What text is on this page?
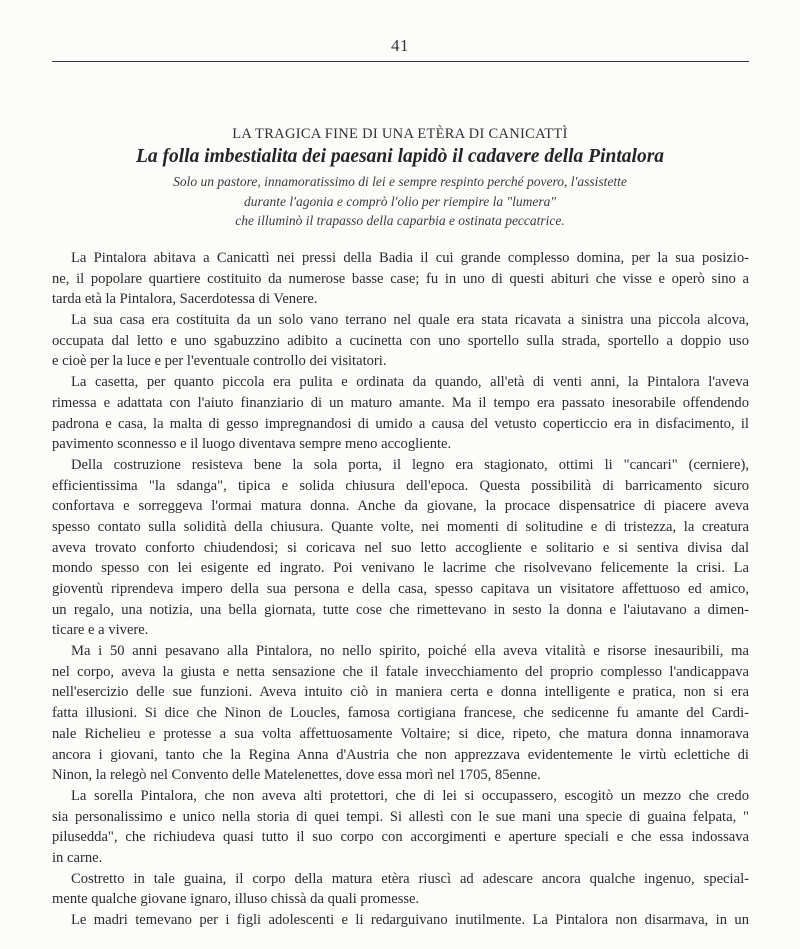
41
LA TRAGICA FINE DI UNA ETÈRA DI CANICATTÌ
La folla imbestialita dei paesani lapidò il cadavere della Pintalora
Solo un pastore, innamoratissimo di lei e sempre respinto perché povero, l'assistette
durante l'agonia e comprò l'olio per riempire la "lumera"
che illuminò il trapasso della caparbia e ostinata peccatrice.
La Pintalora abitava a Canicattì nei pressi della Badia il cui grande complesso domina, per la sua posizio-
ne, il popolare quartiere costituito da numerose basse case; fu in uno di questi abituri che visse e operò sino a
tarda età la Pintalora, Sacerdotessa di Venere.
La sua casa era costituita da un solo vano terrano nel quale era stata ricavata a sinistra una piccola alcova,
occupata dal letto e uno sgabuzzino adibito a cucinetta con uno sportello sulla strada, sportello a doppio uso
e cioè per la luce e per l'eventuale controllo dei visitatori.
La casetta, per quanto piccola era pulita e ordinata da quando, all'età di venti anni, la Pintalora l'aveva
rimessa e adattata con l'aiuto finanziario di un maturo amante. Ma il tempo era passato inesorabile offendendo
padrona e casa, la malta di gesso impregnandosi di umido a causa del vetusto coperticcio era in disfacimento, il
pavimento sconnesso e il luogo diventava sempre meno accogliente.
Della costruzione resisteva bene la sola porta, il legno era stagionato, ottimi li "cancari" (cerniere),
efficientissima "la sdanga", tipica e solida chiusura dell'epoca. Questa possibilità di barricamento sicuro
confortava e sorreggeva l'ormai matura donna. Anche da giovane, la procace dispensatrice di piacere aveva
spesso contato sulla solidità della chiusura. Quante volte, nei momenti di solitudine e di tristezza, la creatura
aveva trovato conforto chiudendosi; si coricava nel suo letto accogliente e solitario e si sentiva divisa dal
mondo spesso con lei esigente ed ingrato. Poi venivano le lacrime che risolvevano felicemente la crisi. La
gioventù riprendeva impero della sua persona e della casa, spesso capitava un visitatore affettuoso ed amico,
un regalo, una notizia, una bella giornata, tutte cose che rimettevano in sesto la donna e l'aiutavano a dimen-
ticare e a vivere.
Ma i 50 anni pesavano alla Pintalora, no nello spirito, poiché ella aveva vitalità e risorse inesauribili, ma
nel corpo, aveva la giusta e netta sensazione che il fatale invecchiamento del proprio complesso l'andicappava
nell'esercizio delle sue funzioni. Aveva intuito ciò in maniera certa e donna intelligente e pratica, non si era
fatta illusioni. Si dice che Ninon de Loucles, famosa cortigiana francese, che sedicenne fu amante del Cardi-
nale Richelieu e protesse a sua volta affettuosamente Voltaire; si dice, ripeto, che matura donna innamorava
ancora i giovani, tanto che la Regina Anna d'Austria che non apprezzava evidentemente le virtù eclettiche di
Ninon, la relegò nel Convento delle Matelenettes, dove essa morì nel 1705, 85enne.
La sorella Pintalora, che non aveva alti protettori, che di lei si occupassero, escogitò un mezzo che credo
sia personalissimo e unico nella storia di quei tempi. Si allestì con le sue mani una specie di guaina felpata, "
pilusedda", che richiudeva quasi tutto il suo corpo con accorgimenti e aperture speciali e che essa indossava
in carne.
Costretto in tale guaina, il corpo della matura etèra riuscì ad adescare ancora qualche ingenuo, special-
mente qualche giovane ignaro, illuso chissà da quali promesse.
Le madri temevano per i figli adolescenti e li redarguivano inutilmente. La Pintalora non disarmava, in un
